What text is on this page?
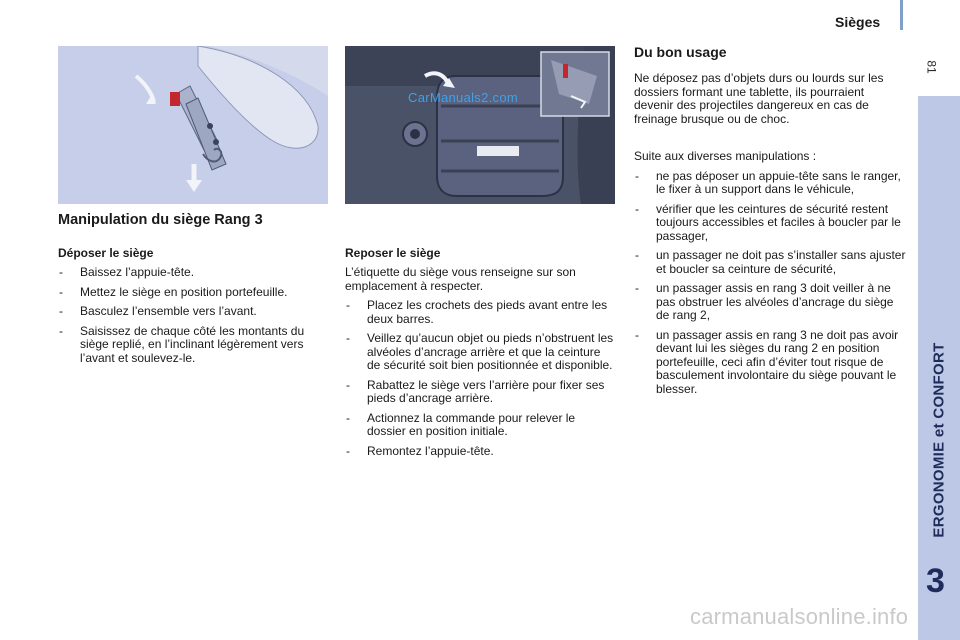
Sièges
81
ERGONOMIE et CONFORT
3
CarManuals2.com
Manipulation du siège Rang 3
Déposer le siège
- Baissez l’appuie-tête.
- Mettez le siège en position portefeuille.
- Basculez l’ensemble vers l’avant.
- Saisissez de chaque côté les montants du siège replié, en l’inclinant légèrement vers l’avant et soulevez-le.
Reposer le siège
L’étiquette du siège vous renseigne sur son emplacement à respecter.
- Placez les crochets des pieds avant entre les deux barres.
- Veillez qu’aucun objet ou pieds n’obstruent les alvéoles d’ancrage arrière et que la ceinture de sécurité soit bien positionnée et disponible.
- Rabattez le siège vers l’arrière pour fixer ses pieds d’ancrage arrière.
- Actionnez la commande pour relever le dossier en position initiale.
- Remontez l’appuie-tête.
Du bon usage
Ne déposez pas d’objets durs ou lourds sur les dossiers formant une tablette, ils pourraient devenir des projectiles dangereux en cas de freinage brusque ou de choc.
Suite aux diverses manipulations :
- ne pas déposer un appuie-tête sans le ranger, le fixer à un support dans le véhicule,
- vérifier que les ceintures de sécurité restent toujours accessibles et faciles à boucler par le passager,
- un passager ne doit pas s’installer sans ajuster et boucler sa ceinture de sécurité,
- un passager assis en rang 3 doit veiller à ne pas obstruer les alvéoles d’ancrage du siège de rang 2,
- un passager assis en rang 3 ne doit pas avoir devant lui les sièges du rang 2 en position portefeuille, ceci afin d’éviter tout risque de basculement involontaire du siège pouvant le blesser.
carmanualsonline.info
